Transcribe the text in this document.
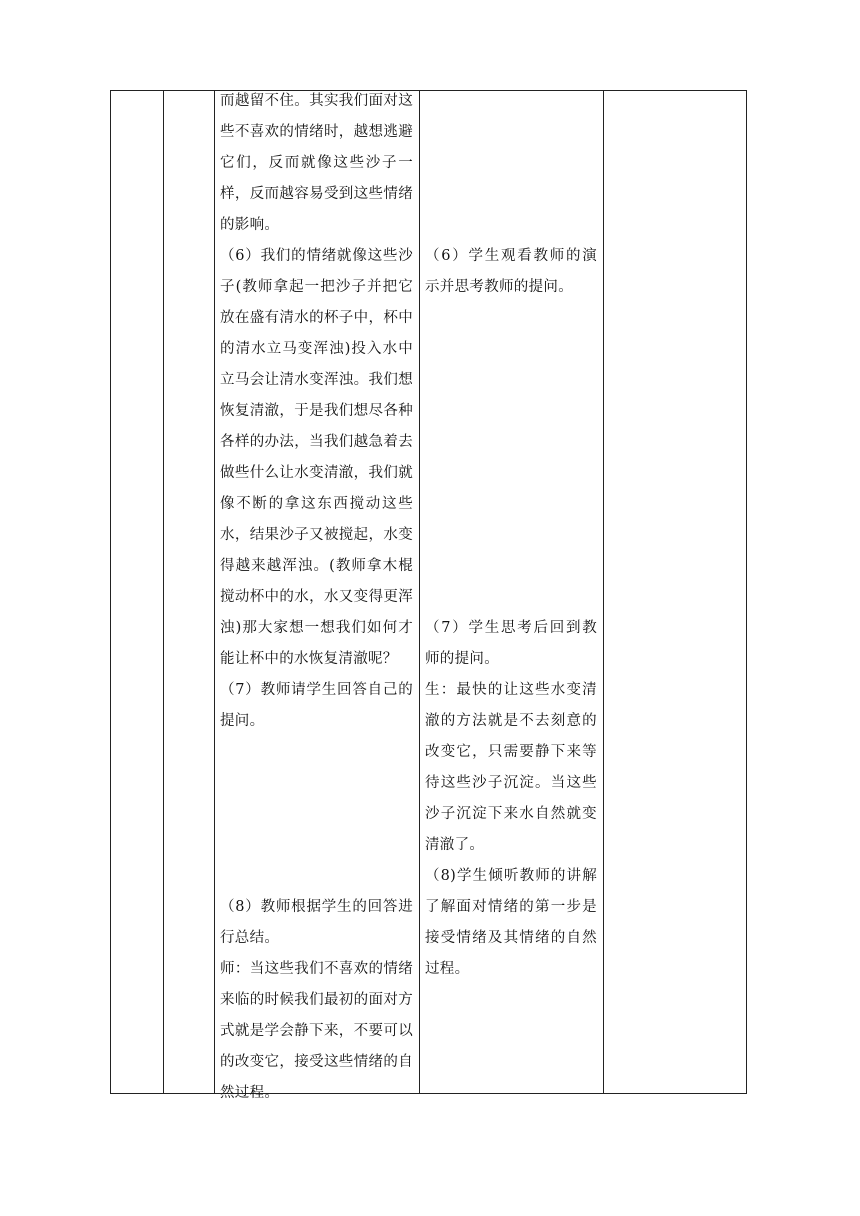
而越留不住。其实我们面对这些不喜欢的情绪时，越想逃避它们，反而就像这些沙子一样，反而越容易受到这些情绪的影响。

（6）我们的情绪就像这些沙子(教师拿起一把沙子并把它放在盛有清水的杯子中，杯中的清水立马变浑浊)投入水中立马会让清水变浑浊。我们想恢复清澈，于是我们想尽各种各样的办法，当我们越急着去做些什么让水变清澈，我们就像不断的拿这东西搅动这些水，结果沙子又被搅起，水变得越来越浑浊。(教师拿木棍搅动杯中的水，水又变得更浑浊)那大家想一想我们如何才能让杯中的水恢复清澈呢？

（7）教师请学生回答自己的提问。

（8）教师根据学生的回答进行总结。

师：当这些我们不喜欢的情绪来临的时候我们最初的面对方式就是学会静下来，不要可以的改变它，接受这些情绪的自然过程。

（6）学生观看教师的演示并思考教师的提问。

（7）学生思考后回到教师的提问。

生：最快的让这些水变清澈的方法就是不去刻意的改变它，只需要静下来等待这些沙子沉淀。当这些沙子沉淀下来水自然就变清澈了。

（8)学生倾听教师的讲解了解面对情绪的第一步是接受情绪及其情绪的自然过程。
